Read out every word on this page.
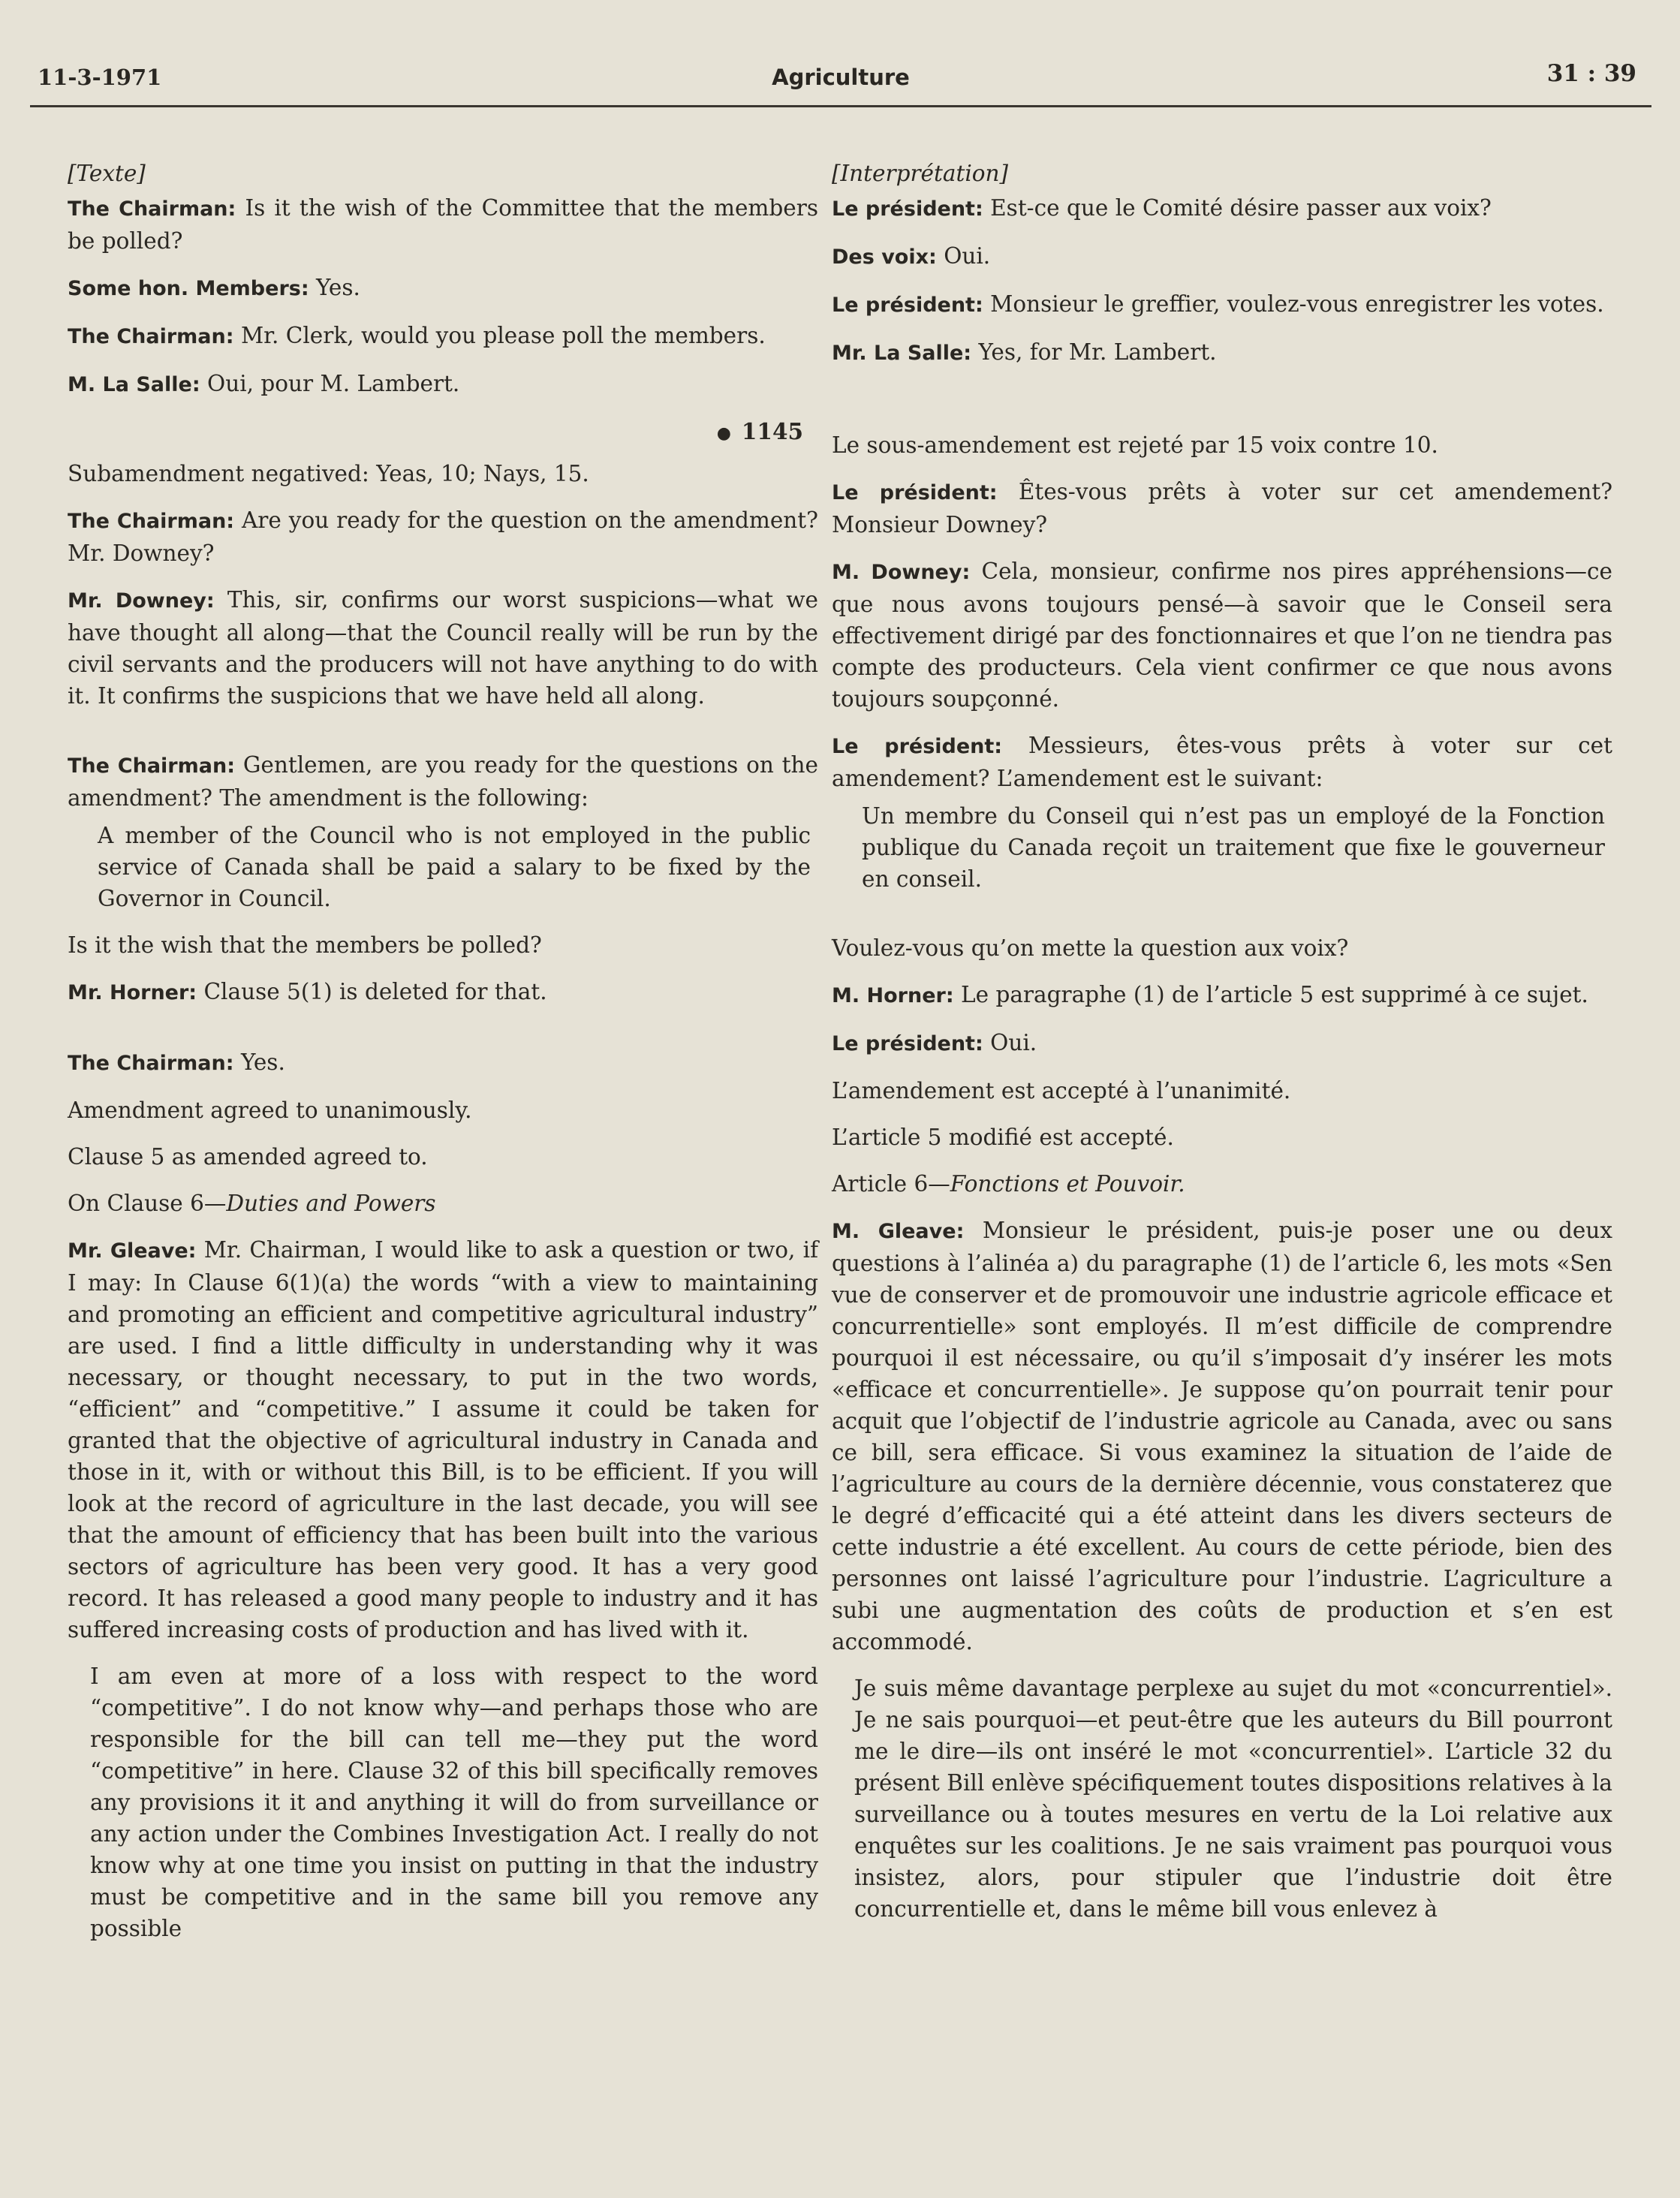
11-3-1971	Agriculture	31 : 39

[Texte]

The Chairman: Is it the wish of the Committee that the members be polled?

Some hon. Members: Yes.

The Chairman: Mr. Clerk, would you please poll the members.

M. La Salle: Oui, pour M. Lambert.

● 1145

Subamendment negatived: Yeas, 10; Nays, 15.

The Chairman: Are you ready for the question on the amendment? Mr. Downey?

Mr. Downey: This, sir, confirms our worst suspicions—what we have thought all along—that the Council really will be run by the civil servants and the producers will not have anything to do with it. It confirms the suspicions that we have held all along.

The Chairman: Gentlemen, are you ready for the questions on the amendment? The amendment is the following:

A member of the Council who is not employed in the public service of Canada shall be paid a salary to be fixed by the Governor in Council.

Is it the wish that the members be polled?

Mr. Horner: Clause 5(1) is deleted for that.

The Chairman: Yes.

Amendment agreed to unanimously.

Clause 5 as amended agreed to.

On Clause 6—Duties and Powers

Mr. Gleave: Mr. Chairman, I would like to ask a question or two, if I may: In Clause 6(1)(a) the words “with a view to maintaining and promoting an efficient and competitive agricultural industry” are used. I find a little difficulty in understanding why it was necessary, or thought necessary, to put in the two words, “efficient” and “competitive.” I assume it could be taken for granted that the objective of agricultural industry in Canada and those in it, with or without this Bill, is to be efficient. If you will look at the record of agriculture in the last decade, you will see that the amount of efficiency that has been built into the various sectors of agriculture has been very good. It has a very good record. It has released a good many people to industry and it has suffered increasing costs of production and has lived with it.

I am even at more of a loss with respect to the word “competitive”. I do not know why—and perhaps those who are responsible for the bill can tell me—they put the word “competitive” in here. Clause 32 of this bill specifically removes any provisions it it and anything it will do from surveillance or any action under the Combines Investigation Act. I really do not know why at one time you insist on putting in that the industry must be competitive and in the same bill you remove any possible

[Interprétation]

Le président: Est-ce que le Comité désire passer aux voix?

Des voix: Oui.

Le président: Monsieur le greffier, voulez-vous enregistrer les votes.

Mr. La Salle: Yes, for Mr. Lambert.

Le sous-amendement est rejeté par 15 voix contre 10.

Le président: Êtes-vous prêts à voter sur cet amendement? Monsieur Downey?

M. Downey: Cela, monsieur, confirme nos pires appréhensions—ce que nous avons toujours pensé—à savoir que le Conseil sera effectivement dirigé par des fonctionnaires et que l’on ne tiendra pas compte des producteurs. Cela vient confirmer ce que nous avons toujours soupçonné.

Le président: Messieurs, êtes-vous prêts à voter sur cet amendement? L’amendement est le suivant:

Un membre du Conseil qui n’est pas un employé de la Fonction publique du Canada reçoit un traitement que fixe le gouverneur en conseil.

Voulez-vous qu’on mette la question aux voix?

M. Horner: Le paragraphe (1) de l’article 5 est supprimé à ce sujet.

Le président: Oui.

L’amendement est accepté à l’unanimité.

L’article 5 modifié est accepté.

Article 6—Fonctions et Pouvoir.

M. Gleave: Monsieur le président, puis-je poser une ou deux questions à l’alinéa a) du paragraphe (1) de l’article 6, les mots «Sen vue de conserver et de promouvoir une industrie agricole efficace et concurrentielle» sont employés. Il m’est difficile de comprendre pourquoi il est nécessaire, ou qu’il s’imposait d’y insérer les mots «efficace et concurrentielle». Je suppose qu’on pourrait tenir pour acquit que l’objectif de l’industrie agricole au Canada, avec ou sans ce bill, sera efficace. Si vous examinez la situation de l’aide de l’agriculture au cours de la dernière décennie, vous constaterez que le degré d’efficacité qui a été atteint dans les divers secteurs de cette industrie a été excellent. Au cours de cette période, bien des personnes ont laissé l’agriculture pour l’industrie. L’agriculture a subi une augmentation des coûts de production et s’en est accommodé.

Je suis même davantage perplexe au sujet du mot «concurrentiel». Je ne sais pourquoi—et peut-être que les auteurs du Bill pourront me le dire—ils ont inséré le mot «concurrentiel». L’article 32 du présent Bill enlève spécifiquement toutes dispositions relatives à la surveillance ou à toutes mesures en vertu de la Loi relative aux enquêtes sur les coalitions. Je ne sais vraiment pas pourquoi vous insistez, alors, pour stipuler que l’industrie doit être concurrentielle et, dans le même bill vous enlevez à
